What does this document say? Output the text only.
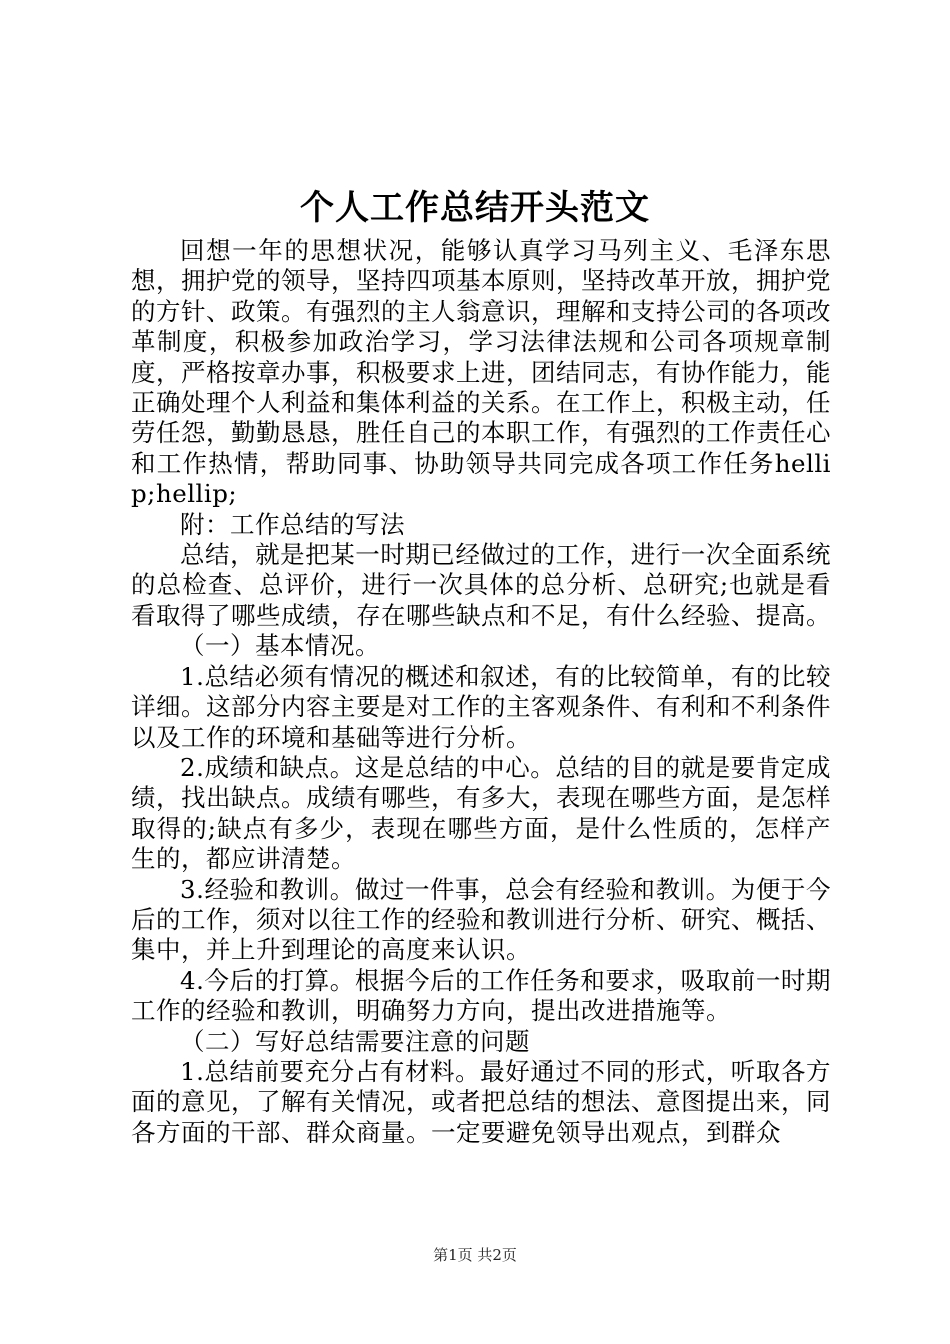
个人工作总结开头范文

回想一年的思想状况，能够认真学习马列主义、毛泽东思想，拥护党的领导，坚持四项基本原则，坚持改革开放，拥护党的方针、政策。有强烈的主人翁意识，理解和支持公司的各项改革制度，积极参加政治学习，学习法律法规和公司各项规章制度，严格按章办事，积极要求上进，团结同志，有协作能力，能正确处理个人利益和集体利益的关系。在工作上，积极主动，任劳任怨，勤勤恳恳，胜任自己的本职工作，有强烈的工作责任心和工作热情，帮助同事、协助领导共同完成各项工作任务hellip;hellip;

附：工作总结的写法

总结，就是把某一时期已经做过的工作，进行一次全面系统的总检查、总评价，进行一次具体的总分析、总研究;也就是看看取得了哪些成绩，存在哪些缺点和不足，有什么经验、提高。

（一）基本情况。

1.总结必须有情况的概述和叙述，有的比较简单，有的比较详细。这部分内容主要是对工作的主客观条件、有利和不利条件以及工作的环境和基础等进行分析。

2.成绩和缺点。这是总结的中心。总结的目的就是要肯定成绩，找出缺点。成绩有哪些，有多大，表现在哪些方面，是怎样取得的;缺点有多少，表现在哪些方面，是什么性质的，怎样产生的，都应讲清楚。

3.经验和教训。做过一件事，总会有经验和教训。为便于今后的工作，须对以往工作的经验和教训进行分析、研究、概括、集中，并上升到理论的高度来认识。

4.今后的打算。根据今后的工作任务和要求，吸取前一时期工作的经验和教训，明确努力方向，提出改进措施等。

（二）写好总结需要注意的问题

1.总结前要充分占有材料。最好通过不同的形式，听取各方面的意见，了解有关情况，或者把总结的想法、意图提出来，同各方面的干部、群众商量。一定要避免领导出观点，到群众

第1页 共2页
